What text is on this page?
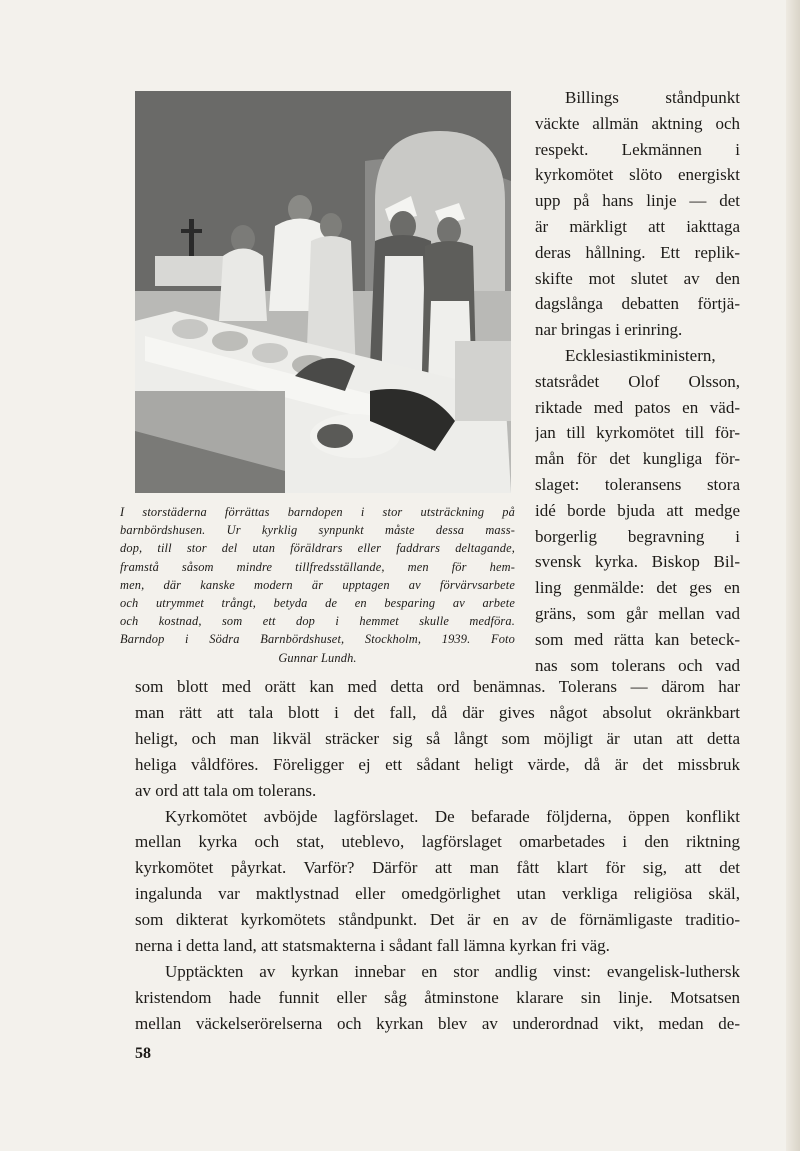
I storstäderna förrättas barndopen i stor utsträckning på
barnbördshusen. Ur kyrklig synpunkt måste dessa mass-
dop, till stor del utan föräldrars eller faddrars deltagande,
framstå såsom mindre tillfredsställande, men för hem-
men, där kanske modern är upptagen av förvärvsarbete
och utrymmet trångt, betyda de en besparing av arbete
och kostnad, som ett dop i hemmet skulle medföra.
Barndop i Södra Barnbördshuset, Stockholm, 1939. Foto
Gunnar Lundh.
Billings ståndpunkt
väckte allmän aktning och
respekt. Lekmännen i
kyrkomötet slöto energiskt
upp på hans linje — det
är märkligt att iakttaga
deras hållning. Ett replik-
skifte mot slutet av den
dagslånga debatten förtjä-
nar bringas i erinring.
Ecklesiastikministern,
statsrådet Olof Olsson,
riktade med patos en väd-
jan till kyrkomötet till för-
mån för det kungliga för-
slaget: toleransens stora
idé borde bjuda att medge
borgerlig begravning i
svensk kyrka. Biskop Bil-
ling genmälde: det ges en
gräns, som går mellan vad
som med rätta kan beteck-
nas som tolerans och vad
som blott med orätt kan med detta ord benämnas. Tolerans — därom har
man rätt att tala blott i det fall, då där gives något absolut okränkbart
heligt, och man likväl sträcker sig så långt som möjligt är utan att detta
heliga våldföres. Föreligger ej ett sådant heligt värde, då är det missbruk
av ord att tala om tolerans.
Kyrkomötet avböjde lagförslaget. De befarade följderna, öppen konflikt
mellan kyrka och stat, uteblevo, lagförslaget omarbetades i den riktning
kyrkomötet påyrkat. Varför? Därför att man fått klart för sig, att det
ingalunda var maktlystnad eller omedgörlighet utan verkliga religiösa skäl,
som dikterat kyrkomötets ståndpunkt. Det är en av de förnämligaste traditio-
nerna i detta land, att statsmakterna i sådant fall lämna kyrkan fri väg.
Upptäckten av kyrkan innebar en stor andlig vinst: evangelisk-luthersk
kristendom hade funnit eller såg åtminstone klarare sin linje. Motsatsen
mellan väckelserörelserna och kyrkan blev av underordnad vikt, medan de-
58
